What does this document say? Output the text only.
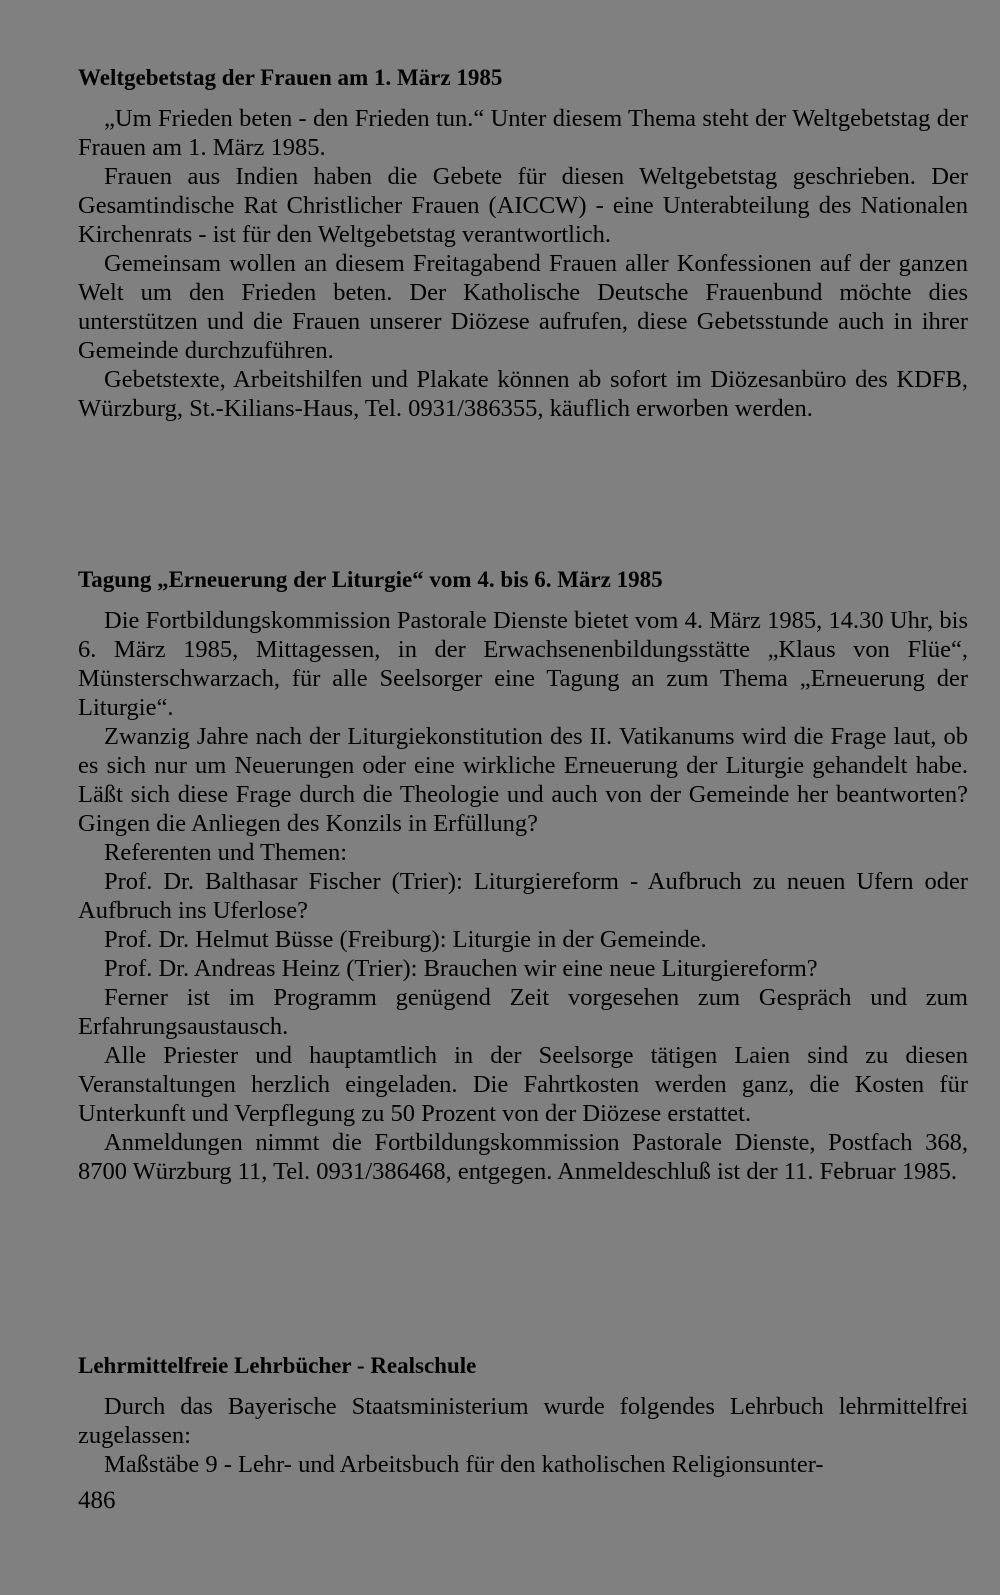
Weltgebetstag der Frauen am 1. März 1985

„Um Frieden beten - den Frieden tun.“ Unter diesem Thema steht der Weltgebetstag der Frauen am 1. März 1985.

Frauen aus Indien haben die Gebete für diesen Weltgebetstag geschrieben. Der Gesamtindische Rat Christlicher Frauen (AICCW) - eine Unterabteilung des Nationalen Kirchenrats - ist für den Weltgebetstag verantwortlich.

Gemeinsam wollen an diesem Freitagabend Frauen aller Konfessionen auf der ganzen Welt um den Frieden beten. Der Katholische Deutsche Frauenbund möchte dies unterstützen und die Frauen unserer Diözese aufrufen, diese Gebetsstunde auch in ihrer Gemeinde durchzuführen.

Gebetstexte, Arbeitshilfen und Plakate können ab sofort im Diözesanbüro des KDFB, Würzburg, St.-Kilians-Haus, Tel. 0931/386355, käuflich erworben werden.

Tagung „Erneuerung der Liturgie“ vom 4. bis 6. März 1985

Die Fortbildungskommission Pastorale Dienste bietet vom 4. März 1985, 14.30 Uhr, bis 6. März 1985, Mittagessen, in der Erwachsenenbildungsstätte „Klaus von Flüe“, Münsterschwarzach, für alle Seelsorger eine Tagung an zum Thema „Erneuerung der Liturgie“.

Zwanzig Jahre nach der Liturgiekonstitution des II. Vatikanums wird die Frage laut, ob es sich nur um Neuerungen oder eine wirkliche Erneuerung der Liturgie gehandelt habe. Läßt sich diese Frage durch die Theologie und auch von der Gemeinde her beantworten? Gingen die Anliegen des Konzils in Erfüllung?

Referenten und Themen:

Prof. Dr. Balthasar Fischer (Trier): Liturgiereform - Aufbruch zu neuen Ufern oder Aufbruch ins Uferlose?

Prof. Dr. Helmut Büsse (Freiburg): Liturgie in der Gemeinde.

Prof. Dr. Andreas Heinz (Trier): Brauchen wir eine neue Liturgiereform?

Ferner ist im Programm genügend Zeit vorgesehen zum Gespräch und zum Erfahrungsaustausch.

Alle Priester und hauptamtlich in der Seelsorge tätigen Laien sind zu diesen Veranstaltungen herzlich eingeladen. Die Fahrtkosten werden ganz, die Kosten für Unterkunft und Verpflegung zu 50 Prozent von der Diözese erstattet.

Anmeldungen nimmt die Fortbildungskommission Pastorale Dienste, Postfach 368, 8700 Würzburg 11, Tel. 0931/386468, entgegen. Anmeldeschluß ist der 11. Februar 1985.

Lehrmittelfreie Lehrbücher - Realschule

Durch das Bayerische Staatsministerium wurde folgendes Lehrbuch lehrmittelfrei zugelassen:

Maßstäbe 9 - Lehr- und Arbeitsbuch für den katholischen Religionsunter-

486
